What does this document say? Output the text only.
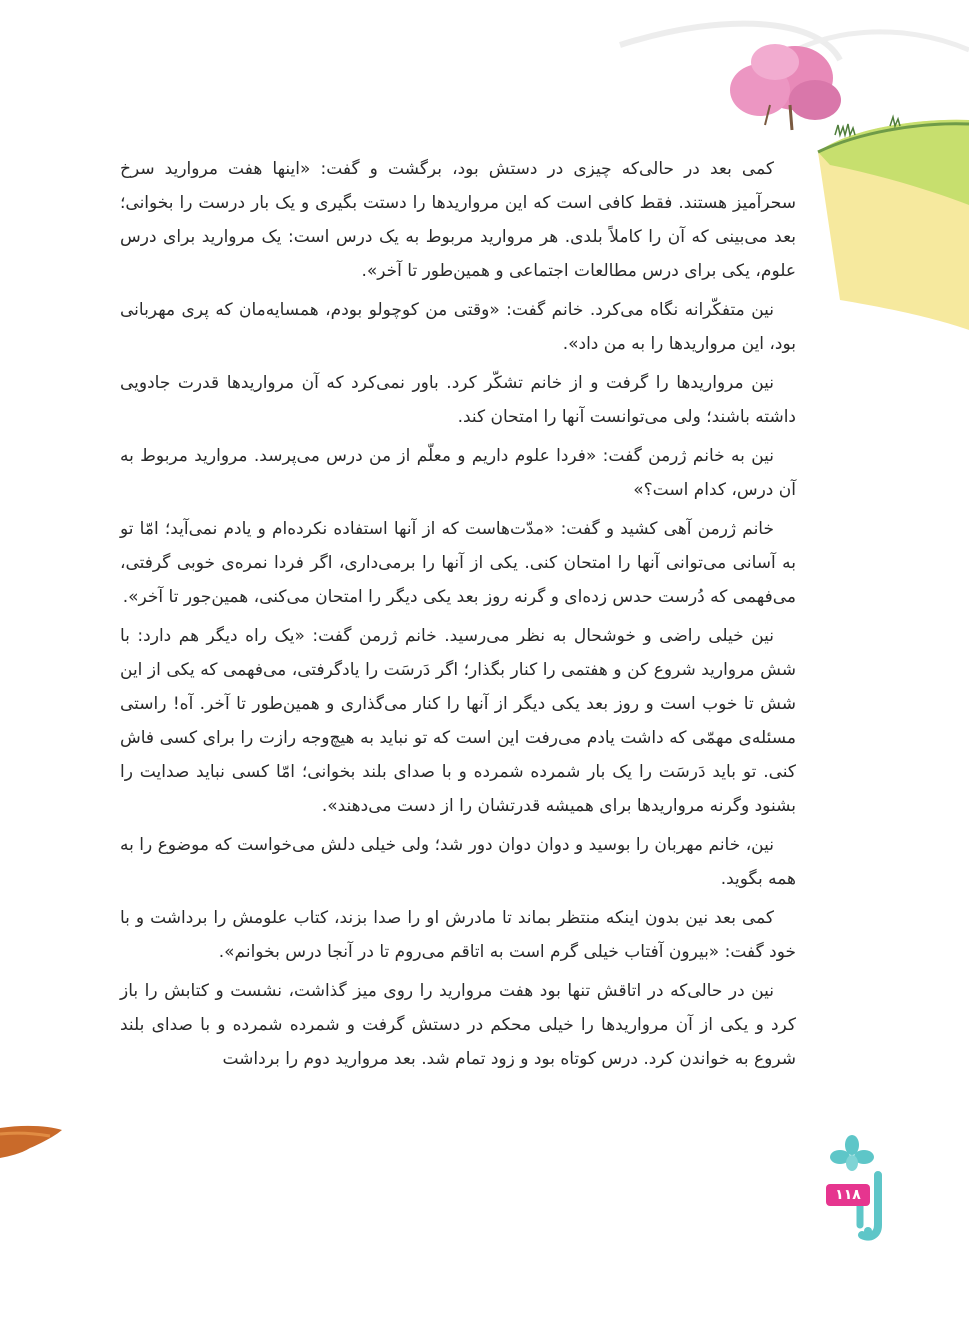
کمی بعد در حالی‌که چیزی در دستش بود، برگشت و گفت: «اینها هفت مروارید سرخ سحرآمیز هستند. فقط کافی است که این مرواریدها را دستت بگیری و یک بار درست را بخوانی؛ بعد می‌بینی که آن را کاملاً بلدی. هر مروارید مربوط به یک درس است: یک مروارید برای درس علوم، یکی برای درس مطالعات اجتماعی و همین‌طور تا آخر».

نین متفکّرانه نگاه می‌کرد. خانم گفت: «وقتی من کوچولو بودم، همسایه‌مان که پری مهربانی بود، این مرواریدها را به من داد».

نین مرواریدها را گرفت و از خانم تشکّر کرد. باور نمی‌کرد که آن مرواریدها قدرت جادویی داشته باشند؛ ولی می‌توانست آنها را امتحان کند.

نین به خانم ژرمن گفت: «فردا علوم داریم و معلّم از من درس می‌پرسد. مروارید مربوط به آن درس، کدام است؟»

خانم ژرمن آهی کشید و گفت: «مدّت‌هاست که از آنها استفاده نکرده‌ام و یادم نمی‌آید؛ امّا تو به آسانی می‌توانی آنها را امتحان کنی. یکی از آنها را برمی‌داری، اگر فردا نمره‌ی خوبی گرفتی، می‌فهمی که دُرست حدس زده‌ای و گرنه روز بعد یکی دیگر را امتحان می‌کنی، همین‌جور تا آخر».

نین خیلی راضی و خوشحال به نظر می‌رسید. خانم ژرمن گفت: «یک راه دیگر هم دارد: با شش مروارید شروع کن و هفتمی را کنار بگذار؛ اگر دَرسَت را یادگرفتی، می‌فهمی که یکی از این شش تا خوب است و روز بعد یکی دیگر از آنها را کنار می‌گذاری و همین‌طور تا آخر. آه! راستی مسئله‌ی مهمّی که داشت یادم می‌رفت این است که تو نباید به هیچ‌وجه رازت را برای کسی فاش کنی. تو باید دَرسَت را یک بار شمرده شمرده و با صدای بلند بخوانی؛ امّا کسی نباید صدایت را بشنود وگرنه مرواریدها برای همیشه قدرتشان را از دست می‌دهند».

نین، خانم مهربان را بوسید و دوان دوان دور شد؛ ولی خیلی دلش می‌خواست که موضوع را به همه بگوید.

کمی بعد نین بدون اینکه منتظر بماند تا مادرش او را صدا بزند، کتاب علومش را برداشت و با خود گفت: «بیرون آفتاب خیلی گرم است به اتاقم می‌روم تا در آنجا درس بخوانم».

نین در حالی‌که در اتاقش تنها بود هفت مروارید را روی میز گذاشت، نشست و کتابش را باز کرد و یکی از آن مرواریدها را خیلی محکم در دستش گرفت و شمرده شمرده و با صدای بلند شروع به خواندن کرد. درس کوتاه بود و زود تمام شد. بعد مروارید دوم را برداشت

۱۱۸
